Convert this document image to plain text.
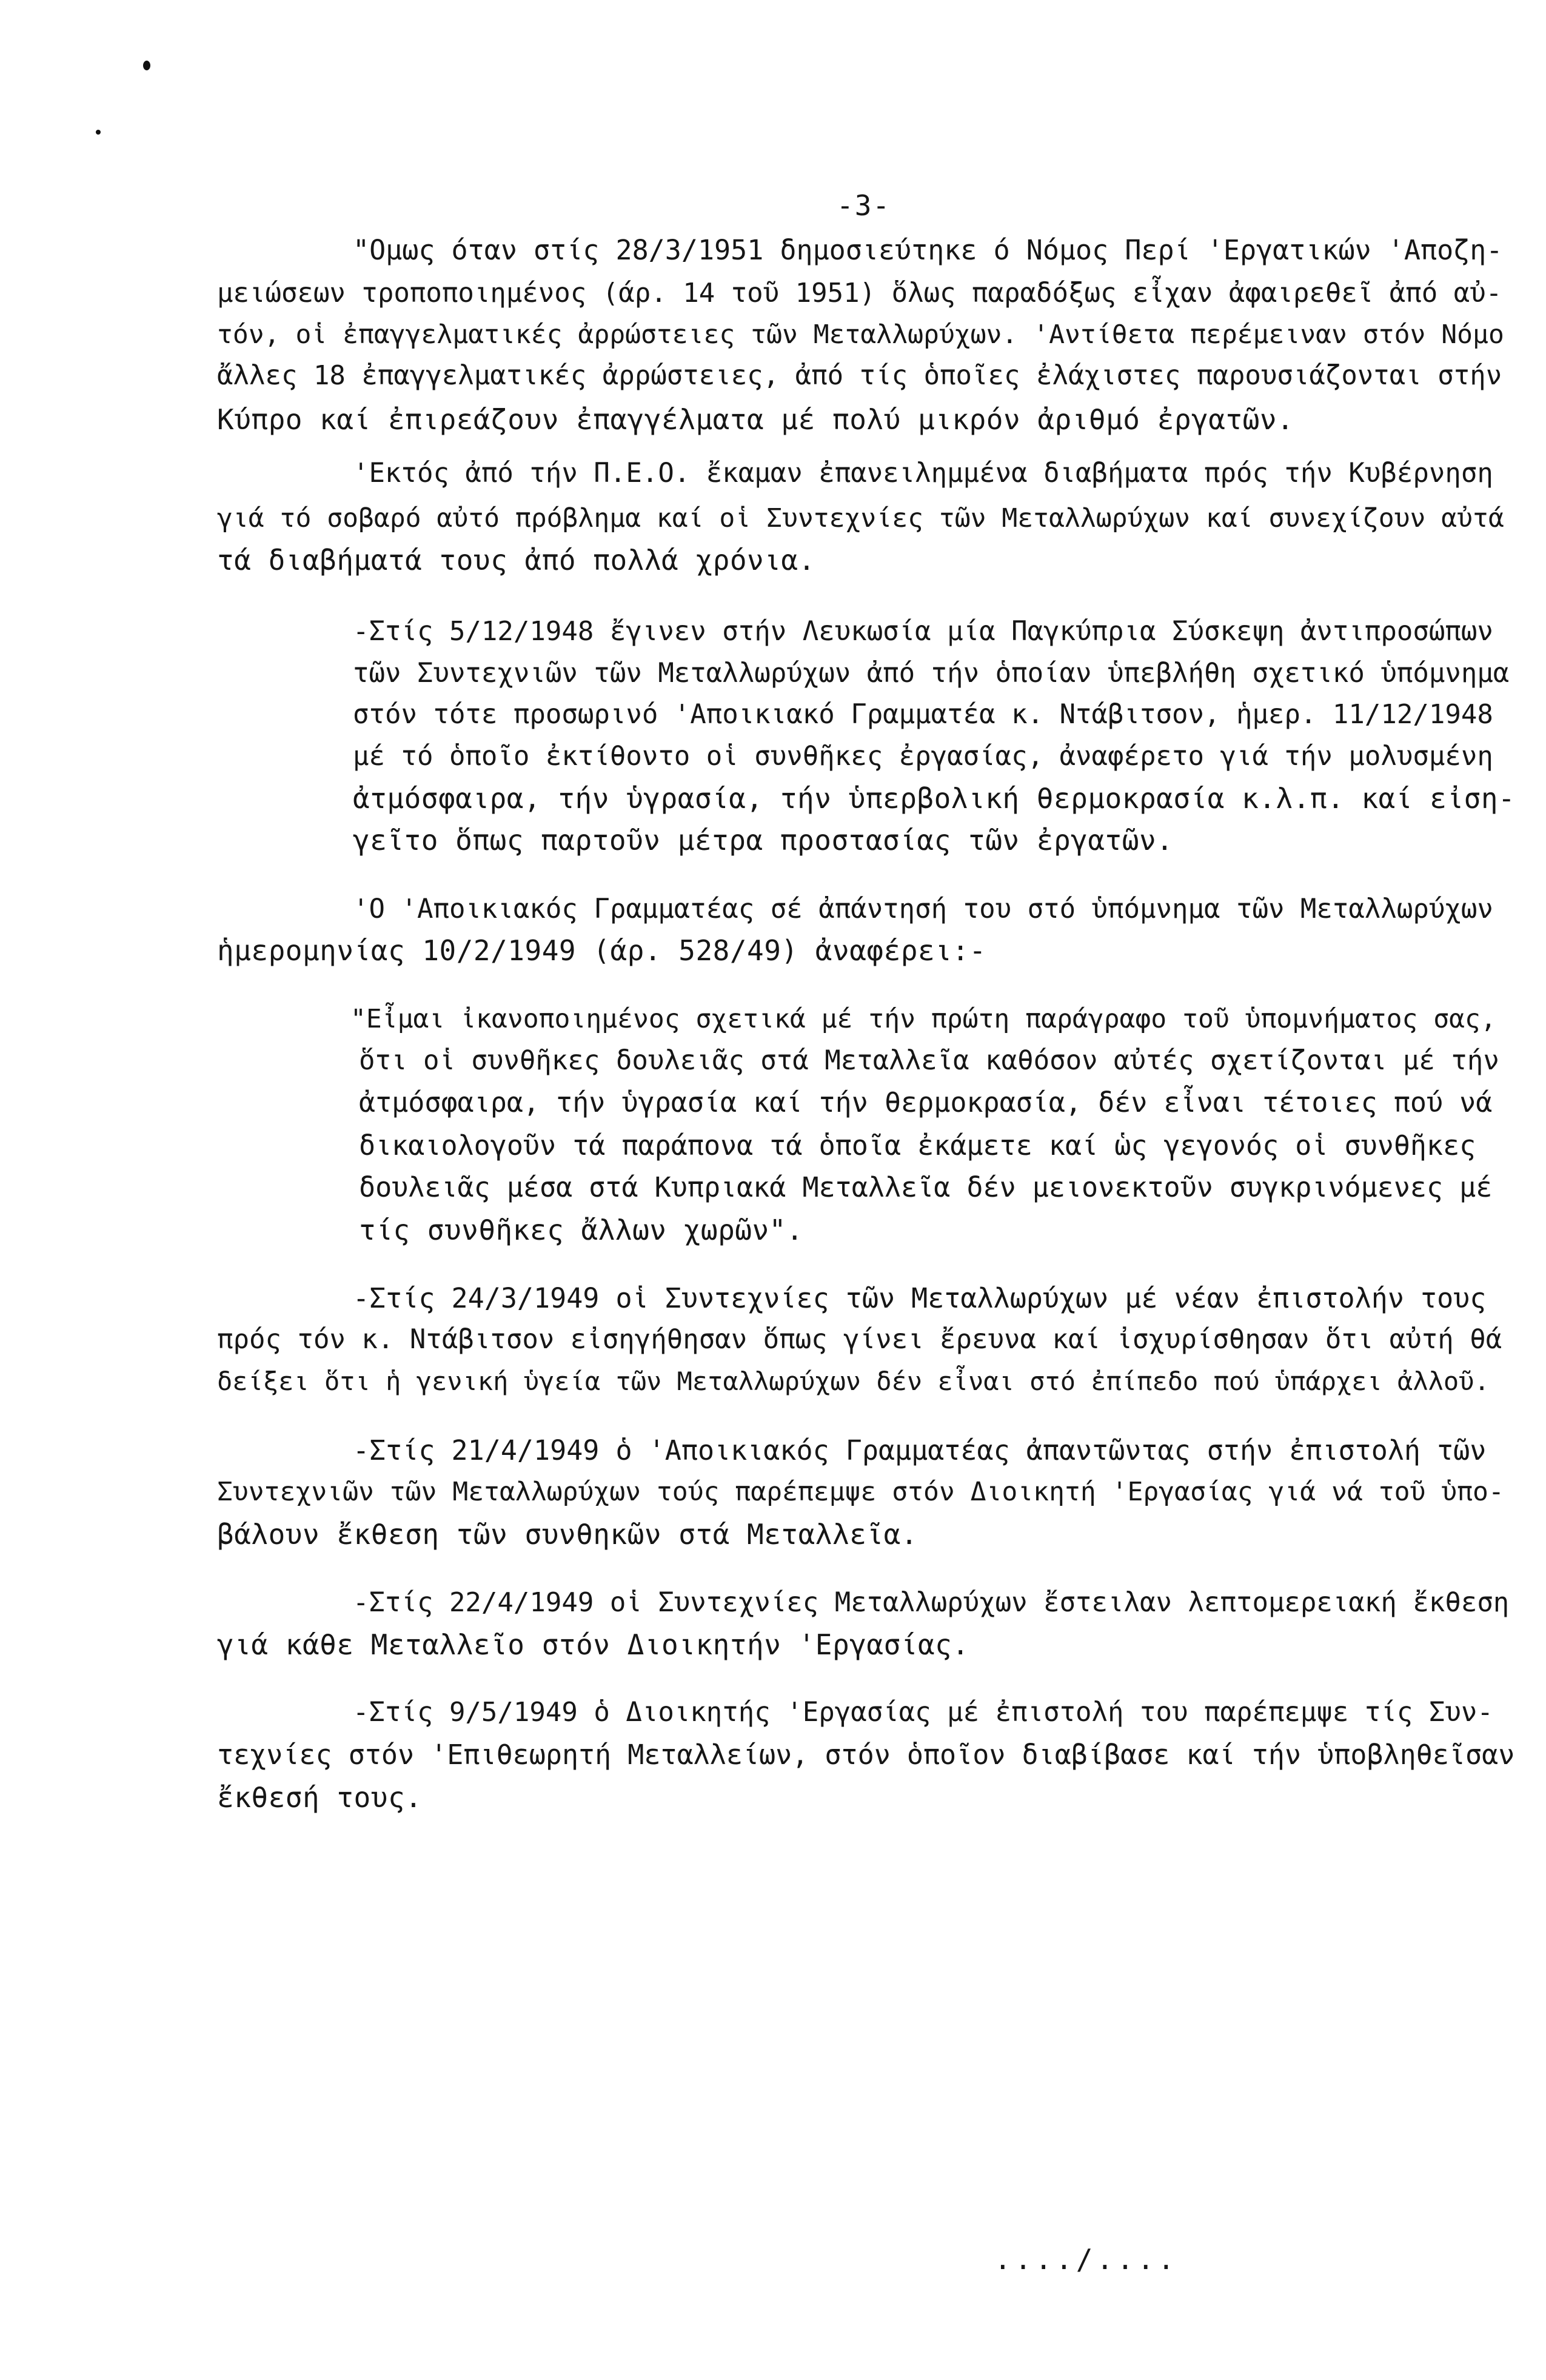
-3-
"Ομως όταν στίς 28/3/1951 δημοσιεύτηκε ό Νόμος Περί 'Εργατικών 'Αποζη-
μειώσεων τροποποιημένος (άρ. 14 τοῦ 1951) ὅλως παραδόξως εἶχαν ἀφαιρεθεῖ ἀπό αὐ-
τόν, οἱ ἐπαγγελματικές ἀρρώστειες τῶν Μεταλλωρύχων. 'Αντίθετα περέμειναν στόν Νόμο
ἄλλες 18 ἐπαγγελματικές ἀρρώστειες, ἀπό τίς ὁποῖες ἐλάχιστες παρουσιάζονται στήν
Κύπρο καί ἐπιρεάζουν ἐπαγγέλματα μέ πολύ μικρόν ἀριθμό ἐργατῶν.
'Εκτός ἀπό τήν Π.Ε.Ο. ἔκαμαν ἐπανειλημμένα διαβήματα πρός τήν Κυβέρνηση
γιά τό σοβαρό αὐτό πρόβλημα καί οἱ Συντεχνίες τῶν Μεταλλωρύχων καί συνεχίζουν αὐτά
τά διαβήματά τους ἀπό πολλά χρόνια.
-Στίς 5/12/1948 ἔγινεν στήν Λευκωσία μία Παγκύπρια Σύσκεψη ἀντιπροσώπων
τῶν Συντεχνιῶν τῶν Μεταλλωρύχων ἀπό τήν ὁποίαν ὑπεβλήθη σχετικό ὑπόμνημα
στόν τότε προσωρινό 'Αποικιακό Γραμματέα κ. Ντάβιτσον, ἡμερ. 11/12/1948
μέ τό ὁποῖο ἐκτίθοντο οἱ συνθῆκες ἐργασίας, ἀναφέρετο γιά τήν μολυσμένη
ἀτμόσφαιρα, τήν ὑγρασία, τήν ὑπερβολική θερμοκρασία κ.λ.π. καί εἰση-
γεῖτο ὅπως παρτοῦν μέτρα προστασίας τῶν ἐργατῶν.
'Ο 'Αποικιακός Γραμματέας σέ ἀπάντησή του στό ὑπόμνημα τῶν Μεταλλωρύχων
ἡμερομηνίας 10/2/1949 (άρ. 528/49) ἀναφέρει:-
"Εἶμαι ἰκανοποιημένος σχετικά μέ τήν πρώτη παράγραφο τοῦ ὑπομνήματος σας,
ὅτι οἱ συνθῆκες δουλειᾶς στά Μεταλλεῖα καθόσον αὐτές σχετίζονται μέ τήν
ἀτμόσφαιρα, τήν ὑγρασία καί τήν θερμοκρασία, δέν εἶναι τέτοιες πού νά
δικαιολογοῦν τά παράπονα τά ὁποῖα ἐκάμετε καί ὡς γεγονός οἱ συνθῆκες
δουλειᾶς μέσα στά Κυπριακά Μεταλλεῖα δέν μειονεκτοῦν συγκρινόμενες μέ
τίς συνθῆκες ἄλλων χωρῶν".
-Στίς 24/3/1949 οἱ Συντεχνίες τῶν Μεταλλωρύχων μέ νέαν ἐπιστολήν τους
πρός τόν κ. Ντάβιτσον εἰσηγήθησαν ὅπως γίνει ἔρευνα καί ἰσχυρίσθησαν ὅτι αὐτή θά
δείξει ὅτι ἡ γενική ὑγεία τῶν Μεταλλωρύχων δέν εἶναι στό ἐπίπεδο πού ὑπάρχει ἀλλοῦ.
-Στίς 21/4/1949 ὁ 'Αποικιακός Γραμματέας ἀπαντῶντας στήν ἐπιστολή τῶν
Συντεχνιῶν τῶν Μεταλλωρύχων τούς παρέπεμψε στόν Διοικητή 'Εργασίας γιά νά τοῦ ὑπο-
βάλουν ἔκθεση τῶν συνθηκῶν στά Μεταλλεῖα.
-Στίς 22/4/1949 οἱ Συντεχνίες Μεταλλωρύχων ἔστειλαν λεπτομερειακή ἔκθεση
γιά κάθε Μεταλλεῖο στόν Διοικητήν 'Εργασίας.
-Στίς 9/5/1949 ὁ Διοικητής 'Εργασίας μέ ἐπιστολή του παρέπεμψε τίς Συν-
τεχνίες στόν 'Επιθεωρητή Μεταλλείων, στόν ὁποῖον διαβίβασε καί τήν ὑποβληθεῖσαν
ἔκθεσή τους.
..../....
